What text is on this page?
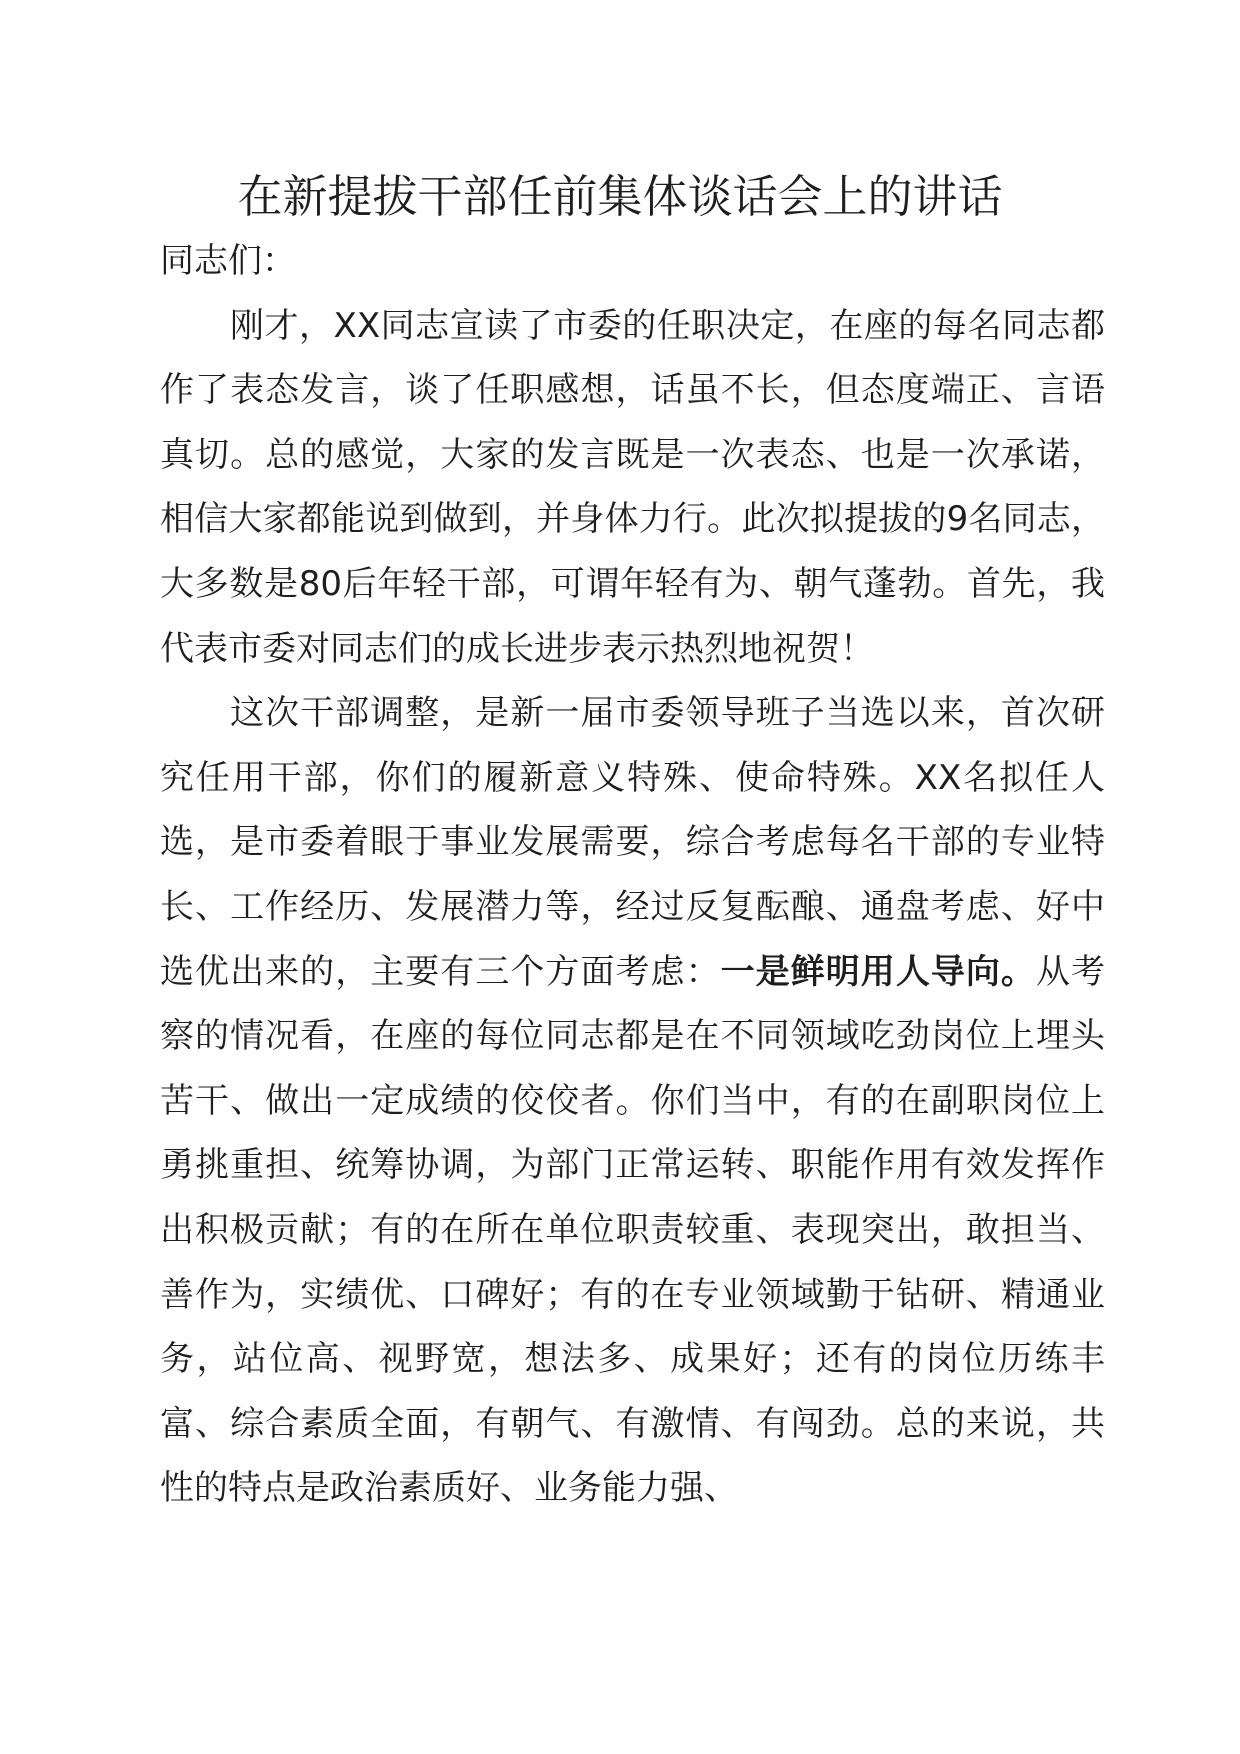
在新提拔干部任前集体谈话会上的讲话

同志们：

刚才，XX同志宣读了市委的任职决定，在座的每名同志都作了表态发言，谈了任职感想，话虽不长，但态度端正、言语真切。总的感觉，大家的发言既是一次表态、也是一次承诺，相信大家都能说到做到，并身体力行。此次拟提拔的9名同志，大多数是80后年轻干部，可谓年轻有为、朝气蓬勃。首先，我代表市委对同志们的成长进步表示热烈地祝贺！

这次干部调整，是新一届市委领导班子当选以来，首次研究任用干部，你们的履新意义特殊、使命特殊。XX名拟任人选，是市委着眼于事业发展需要，综合考虑每名干部的专业特长、工作经历、发展潜力等，经过反复酝酿、通盘考虑、好中选优出来的，主要有三个方面考虑：一是鲜明用人导向。从考察的情况看，在座的每位同志都是在不同领域吃劲岗位上埋头苦干、做出一定成绩的佼佼者。你们当中，有的在副职岗位上勇挑重担、统筹协调，为部门正常运转、职能作用有效发挥作出积极贡献；有的在所在单位职责较重、表现突出，敢担当、善作为，实绩优、口碑好；有的在专业领域勤于钻研、精通业务，站位高、视野宽，想法多、成果好；还有的岗位历练丰富、综合素质全面，有朝气、有激情、有闯劲。总的来说，共性的特点是政治素质好、业务能力强、
